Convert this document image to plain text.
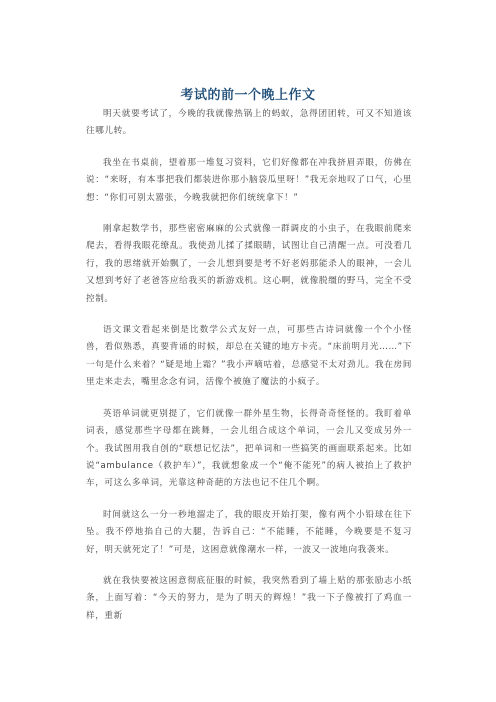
考试的前一个晚上作文

明天就要考试了，今晚的我就像热锅上的蚂蚁，急得团团转，可又不知道该往哪儿转。

我坐在书桌前，望着那一堆复习资料，它们好像都在冲我挤眉弄眼，仿佛在说：“来呀，有本事把我们都装进你那小脑袋瓜里呀！”我无奈地叹了口气，心里想：“你们可别太嚣张，今晚我就把你们统统拿下！”

刚拿起数学书，那些密密麻麻的公式就像一群调皮的小虫子，在我眼前爬来爬去，看得我眼花缭乱。我使劲儿揉了揉眼睛，试图让自己清醒一点。可没看几行，我的思绪就开始飘了，一会儿想到要是考不好老妈那能杀人的眼神，一会儿又想到考好了老爸答应给我买的新游戏机。这心啊，就像脱缰的野马，完全不受控制。

语文课文看起来倒是比数学公式友好一点，可那些古诗词就像一个个小怪兽，看似熟悉，真要背诵的时候，却总在关键的地方卡壳。“床前明月光……”下一句是什么来着？“疑是地上霜？”我小声嘀咕着，总感觉不太对劲儿。我在房间里走来走去，嘴里念念有词，活像个被施了魔法的小疯子。

英语单词就更别提了，它们就像一群外星生物，长得奇奇怪怪的。我盯着单词表，感觉那些字母都在跳舞，一会儿组合成这个单词，一会儿又变成另外一个。我试图用我自创的“联想记忆法”，把单词和一些搞笑的画面联系起来。比如说“ambulance（救护车）”，我就想象成一个“俺不能死”的病人被抬上了救护车，可这么多单词，光靠这种奇葩的方法也记不住几个啊。

时间就这么一分一秒地溜走了，我的眼皮开始打架，像有两个小铅球在往下坠。我不停地掐自己的大腿，告诉自己：“不能睡，不能睡，今晚要是不复习好，明天就死定了！”可是，这困意就像潮水一样，一波又一波地向我袭来。

就在我快要被这困意彻底征服的时候，我突然看到了墙上贴的那张励志小纸条，上面写着：“今天的努力，是为了明天的辉煌！”我一下子像被打了鸡血一样，重新
